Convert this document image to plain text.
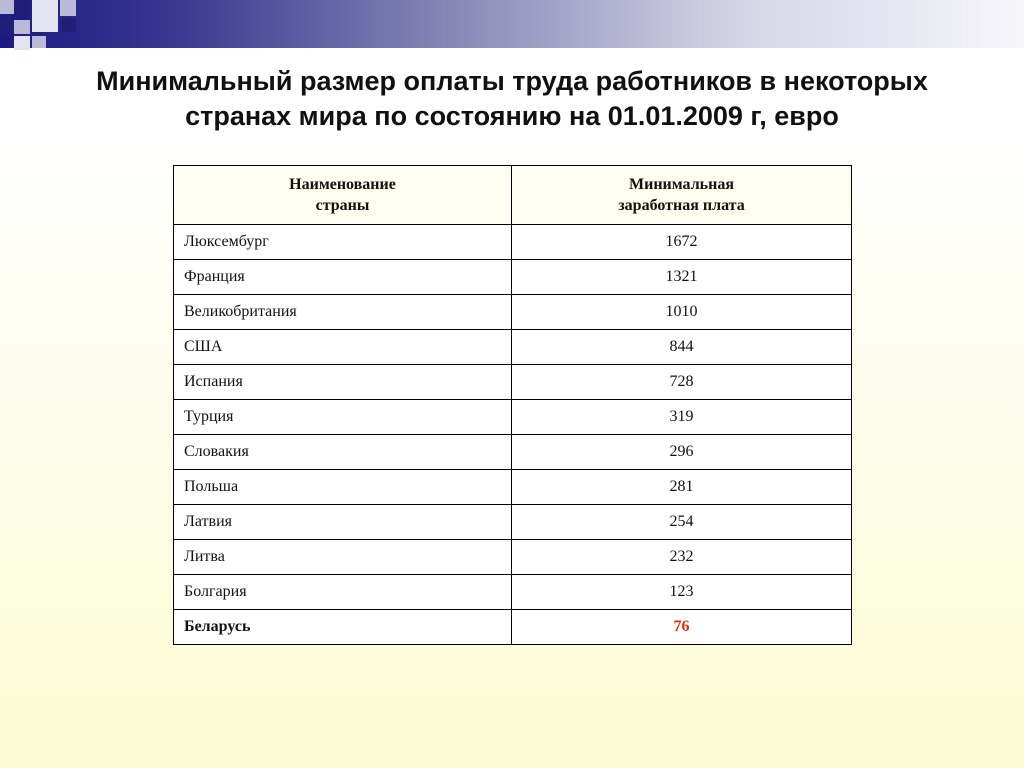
Минимальный размер оплаты труда работников в некоторых
странах мира по состоянию на 01.01.2009 г, евро
Наименование
страны	Минимальная
заработная плата

Люксембург	1672
Франция	1321
Великобритания	1010
США	844
Испания	728
Турция	319
Словакия	296
Польша	281
Латвия	254
Литва	232
Болгария	123
Беларусь	76
